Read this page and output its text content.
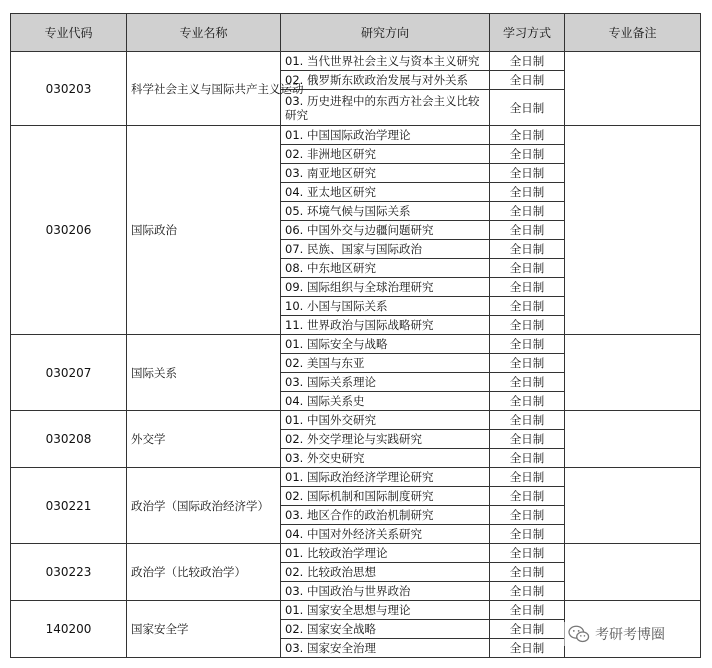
专业代码	专业名称	研究方向	学习方式	专业备注
030203	科学社会主义与国际共产主义运动	01. 当代世界社会主义与资本主义研究	全日制	
		02. 俄罗斯东欧政治发展与对外关系	全日制	
		03. 历史进程中的东西方社会主义比较研究	全日制	
030206	国际政治	01. 中国国际政治学理论	全日制	
		02. 非洲地区研究	全日制	
		03. 南亚地区研究	全日制	
		04. 亚太地区研究	全日制	
		05. 环境气候与国际关系	全日制	
		06. 中国外交与边疆问题研究	全日制	
		07. 民族、国家与国际政治	全日制	
		08. 中东地区研究	全日制	
		09. 国际组织与全球治理研究	全日制	
		10. 小国与国际关系	全日制	
		11. 世界政治与国际战略研究	全日制	
030207	国际关系	01. 国际安全与战略	全日制	
		02. 美国与东亚	全日制	
		03. 国际关系理论	全日制	
		04. 国际关系史	全日制	
030208	外交学	01. 中国外交研究	全日制	
		02. 外交学理论与实践研究	全日制	
		03. 外交史研究	全日制	
030221	政治学（国际政治经济学）	01. 国际政治经济学理论研究	全日制	
		02. 国际机制和国际制度研究	全日制	
		03. 地区合作的政治机制研究	全日制	
		04. 中国对外经济关系研究	全日制	
030223	政治学（比较政治学）	01. 比较政治学理论	全日制	
		02. 比较政治思想	全日制	
		03. 中国政治与世界政治	全日制	
140200	国家安全学	01. 国家安全思想与理论	全日制	
		02. 国家安全战略	全日制	
		03. 国家安全治理	全日制	
考研考博圈
